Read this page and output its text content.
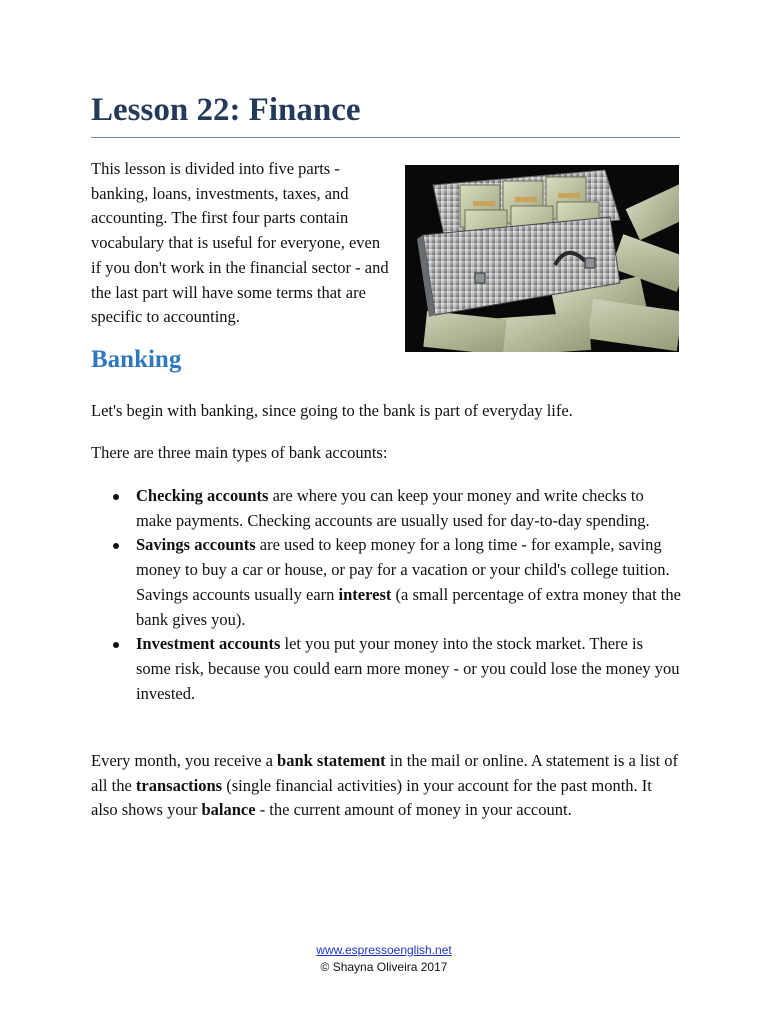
Lesson 22: Finance

This lesson is divided into five parts - banking, loans, investments, taxes, and accounting. The first four parts contain vocabulary that is useful for everyone, even if you don't work in the financial sector - and the last part will have some terms that are specific to accounting.

Banking

Let's begin with banking, since going to the bank is part of everyday life.

There are three main types of bank accounts:

Checking accounts are where you can keep your money and write checks to make payments. Checking accounts are usually used for day-to-day spending.
Savings accounts are used to keep money for a long time - for example, saving money to buy a car or house, or pay for a vacation or your child's college tuition. Savings accounts usually earn interest (a small percentage of extra money that the bank gives you).
Investment accounts let you put your money into the stock market. There is some risk, because you could earn more money - or you could lose the money you invested.

Every month, you receive a bank statement in the mail or online. A statement is a list of all the transactions (single financial activities) in your account for the past month. It also shows your balance - the current amount of money in your account.

www.espressoenglish.net
© Shayna Oliveira 2017
